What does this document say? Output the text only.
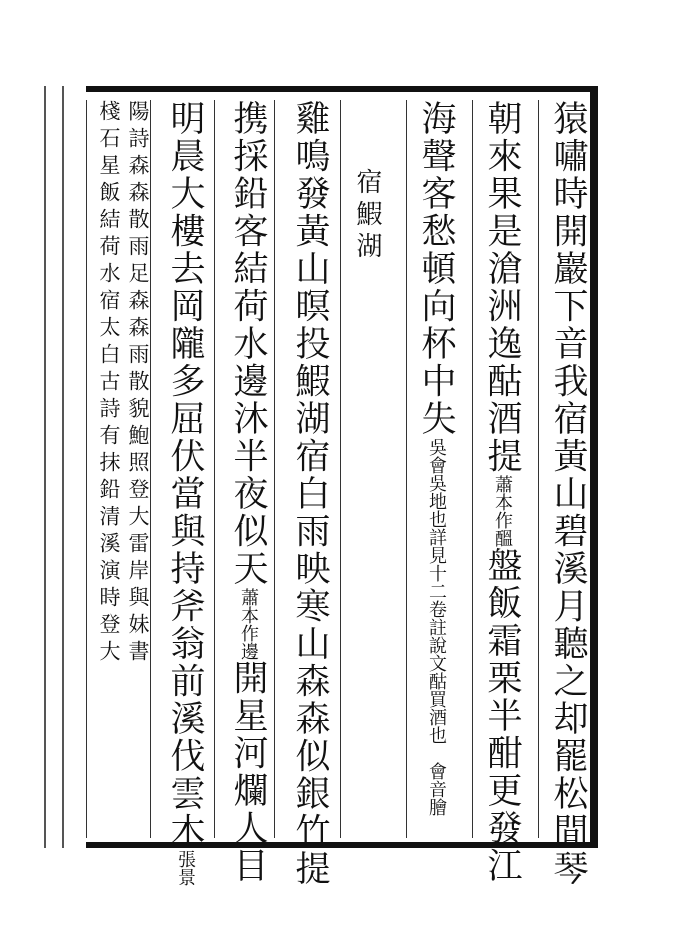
猿嘯時開巖下音我宿黃山碧溪月聽之却罷松間琴
朝來果是滄洲逸酤酒提
蕭本作
醞
盤飯霜栗半酣更發江
海聲客愁頓向杯中失
吳會吳地也詳見十二卷註
說文酤買酒也　會音膾
宿鰕湖
雞鳴發黃山暝投鰕湖宿白雨映寒山森森似銀竹提
携採鉛客結荷水邊沐半夜似天
蕭本
作邊
開星河爛人目
明晨大樓去岡隴多屈伏當與持斧翁前溪伐雲木張景
陽詩森森散雨足森森雨散貌鮑照登大雷岸與妹書
棧石星飯結荷水宿太白古詩有抹鉛清溪演時登大
